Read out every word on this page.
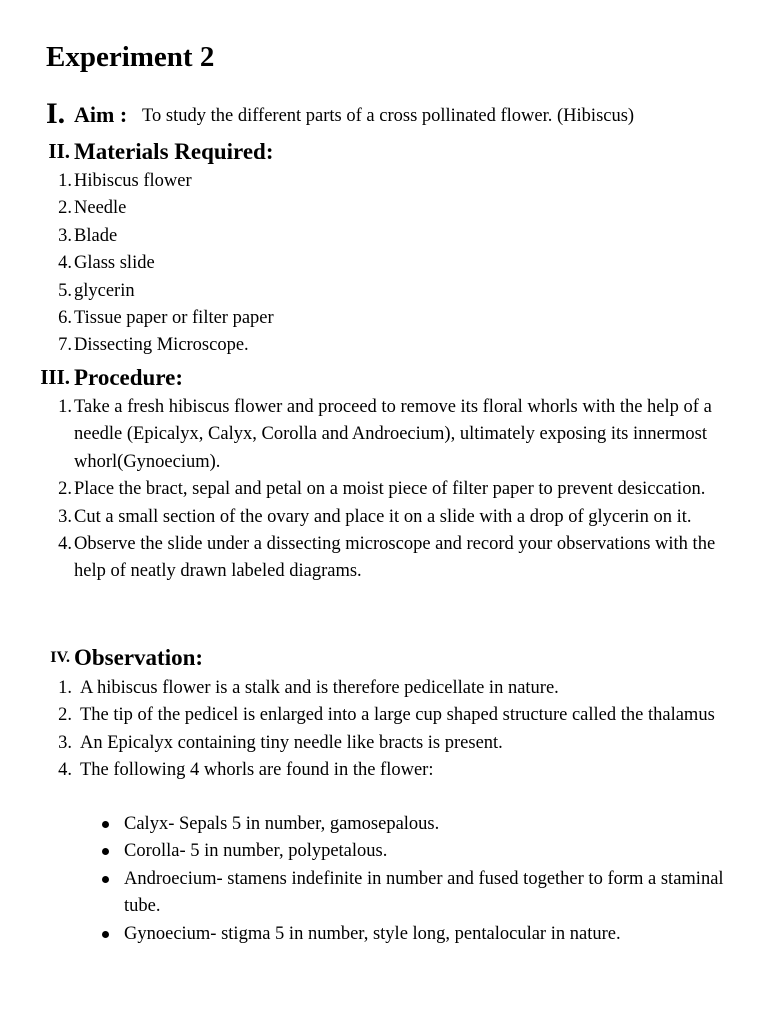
Experiment 2
I. Aim : To study the different parts of a cross pollinated flower. (Hibiscus)
II. Materials Required:
1. Hibiscus flower
2. Needle
3. Blade
4. Glass slide
5. glycerin
6. Tissue paper or filter paper
7. Dissecting Microscope.
III. Procedure:
1. Take a fresh hibiscus flower and proceed to remove its floral whorls with the help of a needle (Epicalyx, Calyx, Corolla and Androecium), ultimately exposing its innermost whorl(Gynoecium).
2. Place the bract, sepal and petal on a moist piece of filter paper to prevent desiccation.
3. Cut a small section of the ovary and place it on a slide with a drop of glycerin on it.
4. Observe the slide under a dissecting microscope and record your observations with the help of neatly drawn labeled diagrams.
IV. Observation:
1. A hibiscus flower is a stalk and is therefore pedicellate in nature.
2. The tip of the pedicel is enlarged into a large cup shaped structure called the thalamus
3. An Epicalyx containing tiny needle like bracts is present.
4. The following 4 whorls are found in the flower:
Calyx- Sepals 5 in number, gamosepalous.
Corolla- 5 in number, polypetalous.
Androecium- stamens indefinite in number and fused together to form a staminal tube.
Gynoecium- stigma 5 in number, style long, pentalocular in nature.
